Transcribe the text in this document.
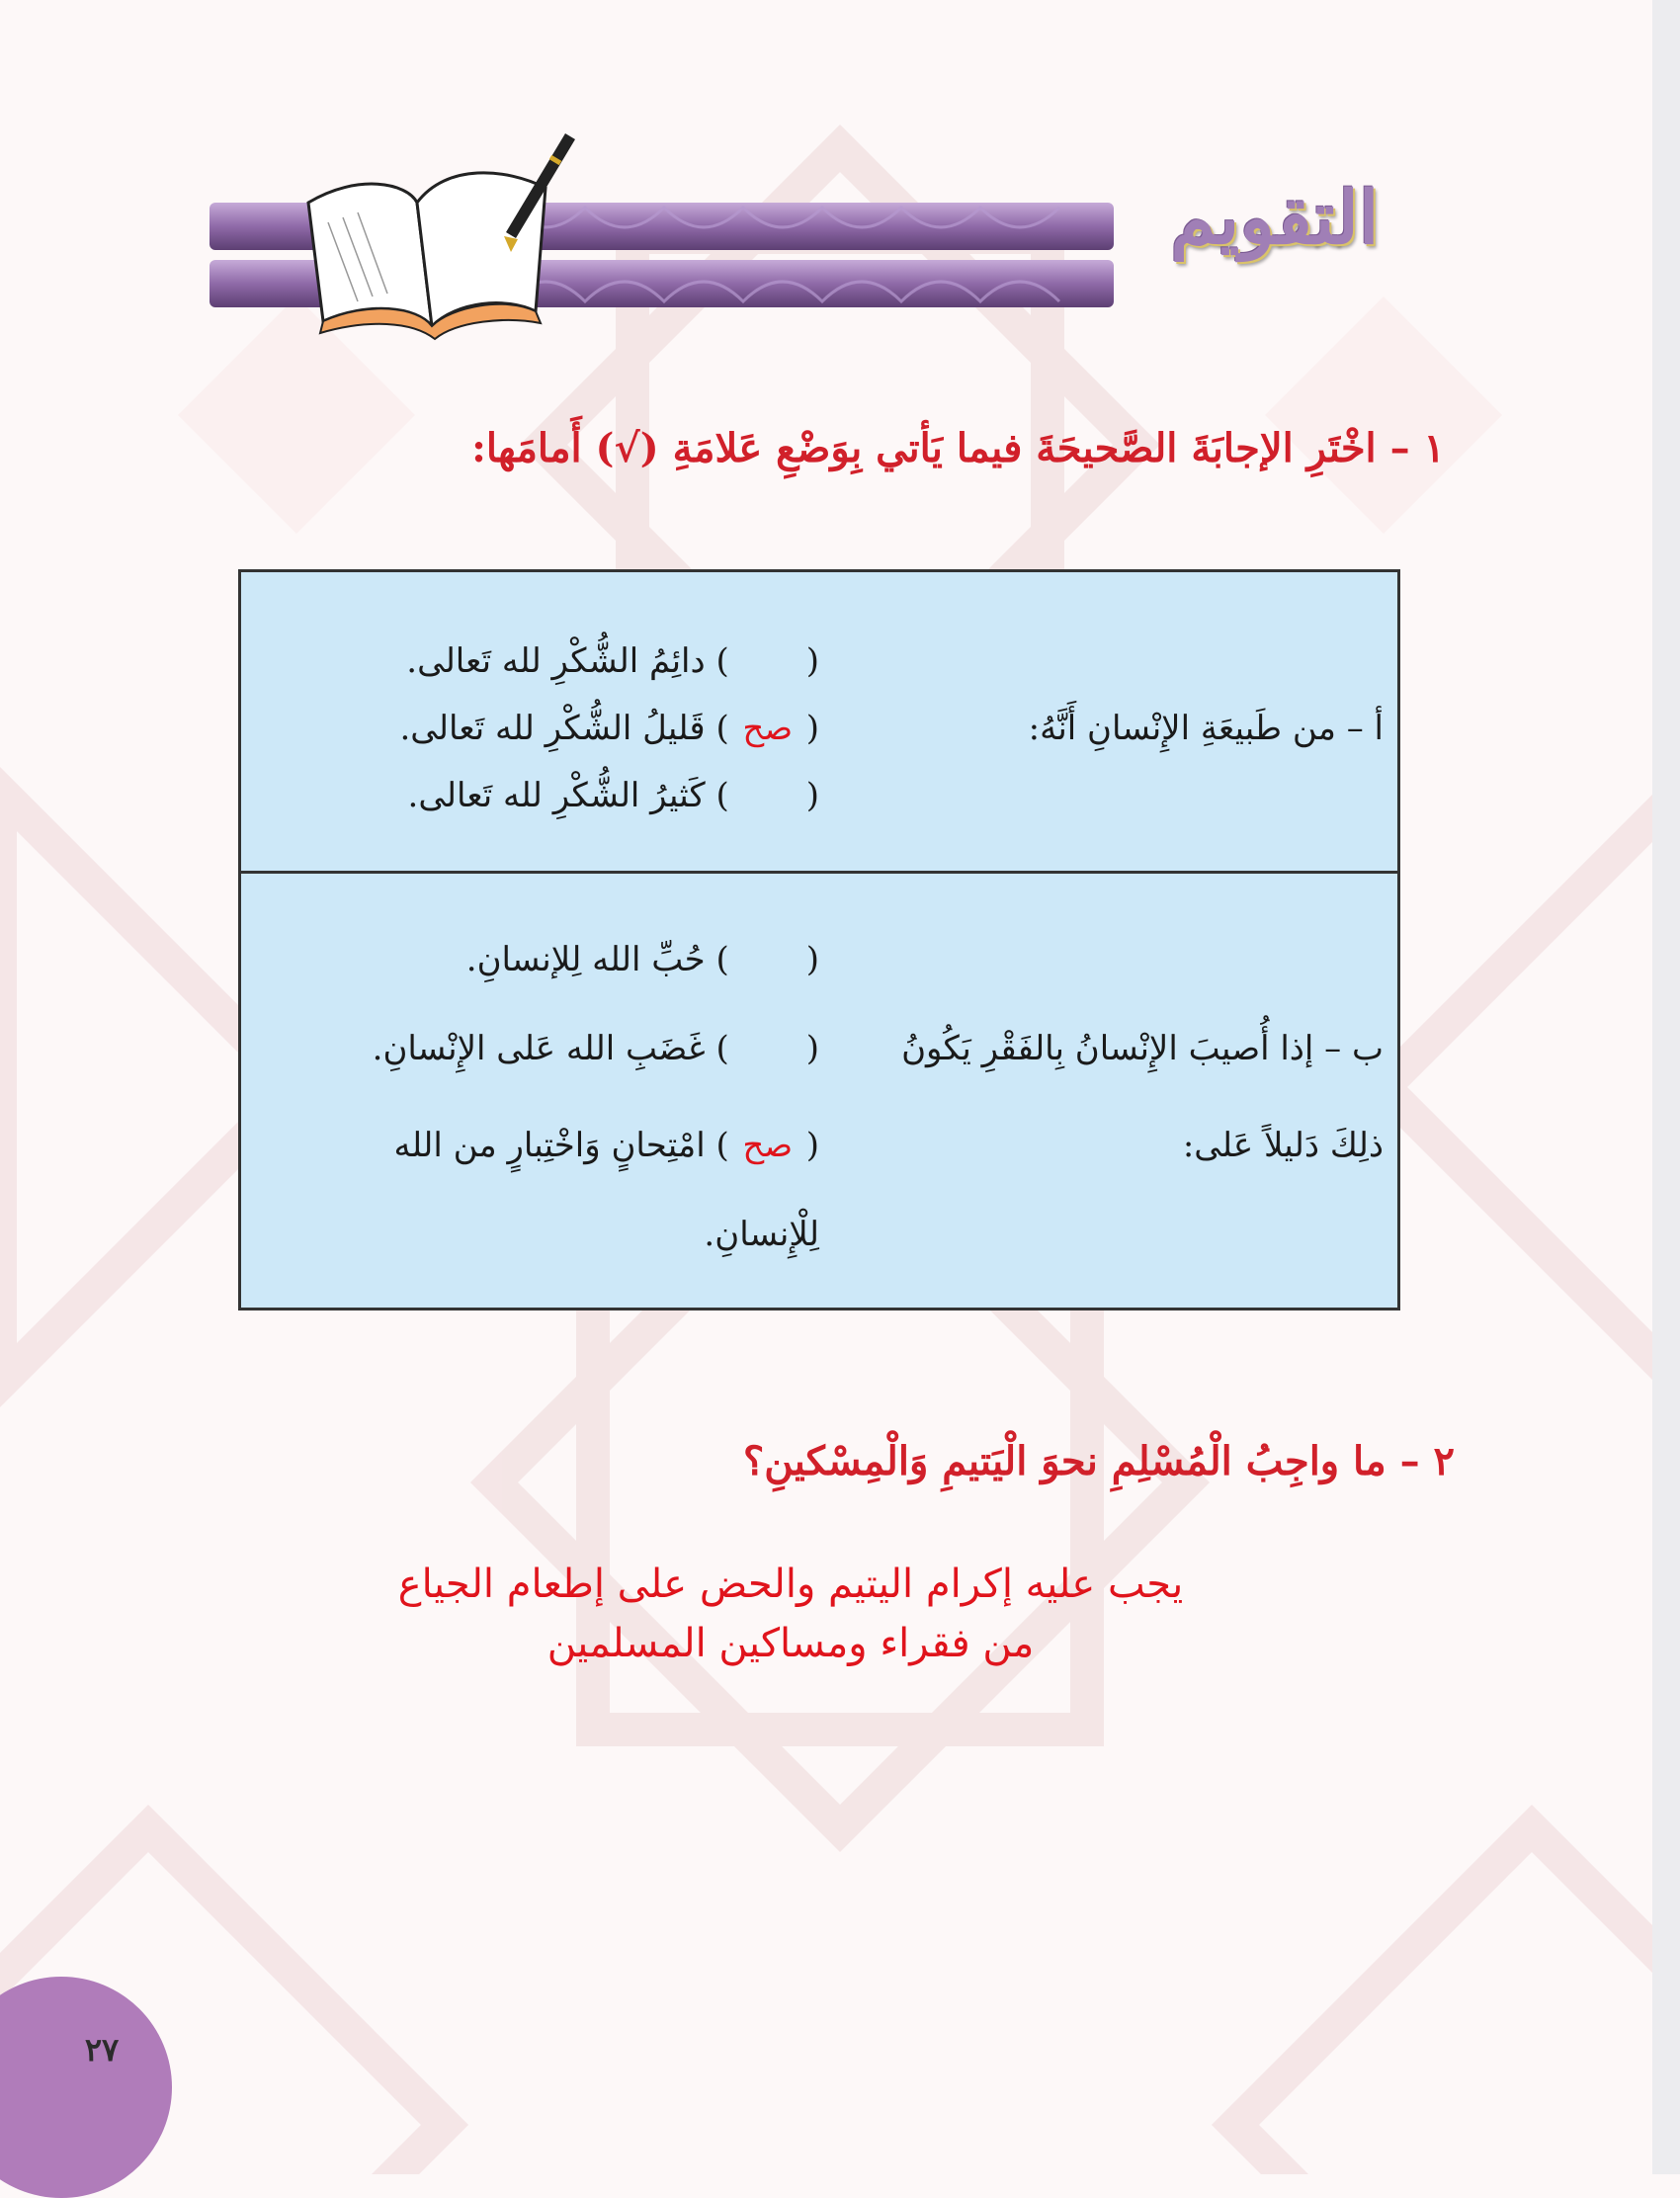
التقويم
١ – اخْتَرِ الإجابَةَ الصَّحيحَةَ فيما يَأتي بِوَضْعِ عَلامَةِ (√) أَمامَها:
أ – من طَبيعَةِ الإِنْسانِ أَنَّهُ:
() دائِمُ الشُّكْرِ لله تَعالى.
(صح) قَليلُ الشُّكْرِ لله تَعالى.
() كَثيرُ الشُّكْرِ لله تَعالى.
ب – إذا أُصيبَ الإِنْسانُ بِالفَقْرِ يَكُونُ
ذلِكَ دَليلاً عَلى:
() حُبِّ الله لِلإنسانِ.
() غَضَبِ الله عَلى الإِنْسانِ.
(صح) امْتِحانٍ وَاخْتِبارٍ من الله
لِلْإِنسانِ.
٢ – ما واجِبُ الْمُسْلِمِ نحوَ الْيَتيمِ وَالْمِسْكينِ؟
يجب عليه إكرام اليتيم والحض على إطعام الجياع
من فقراء ومساكين المسلمين
٢٧
